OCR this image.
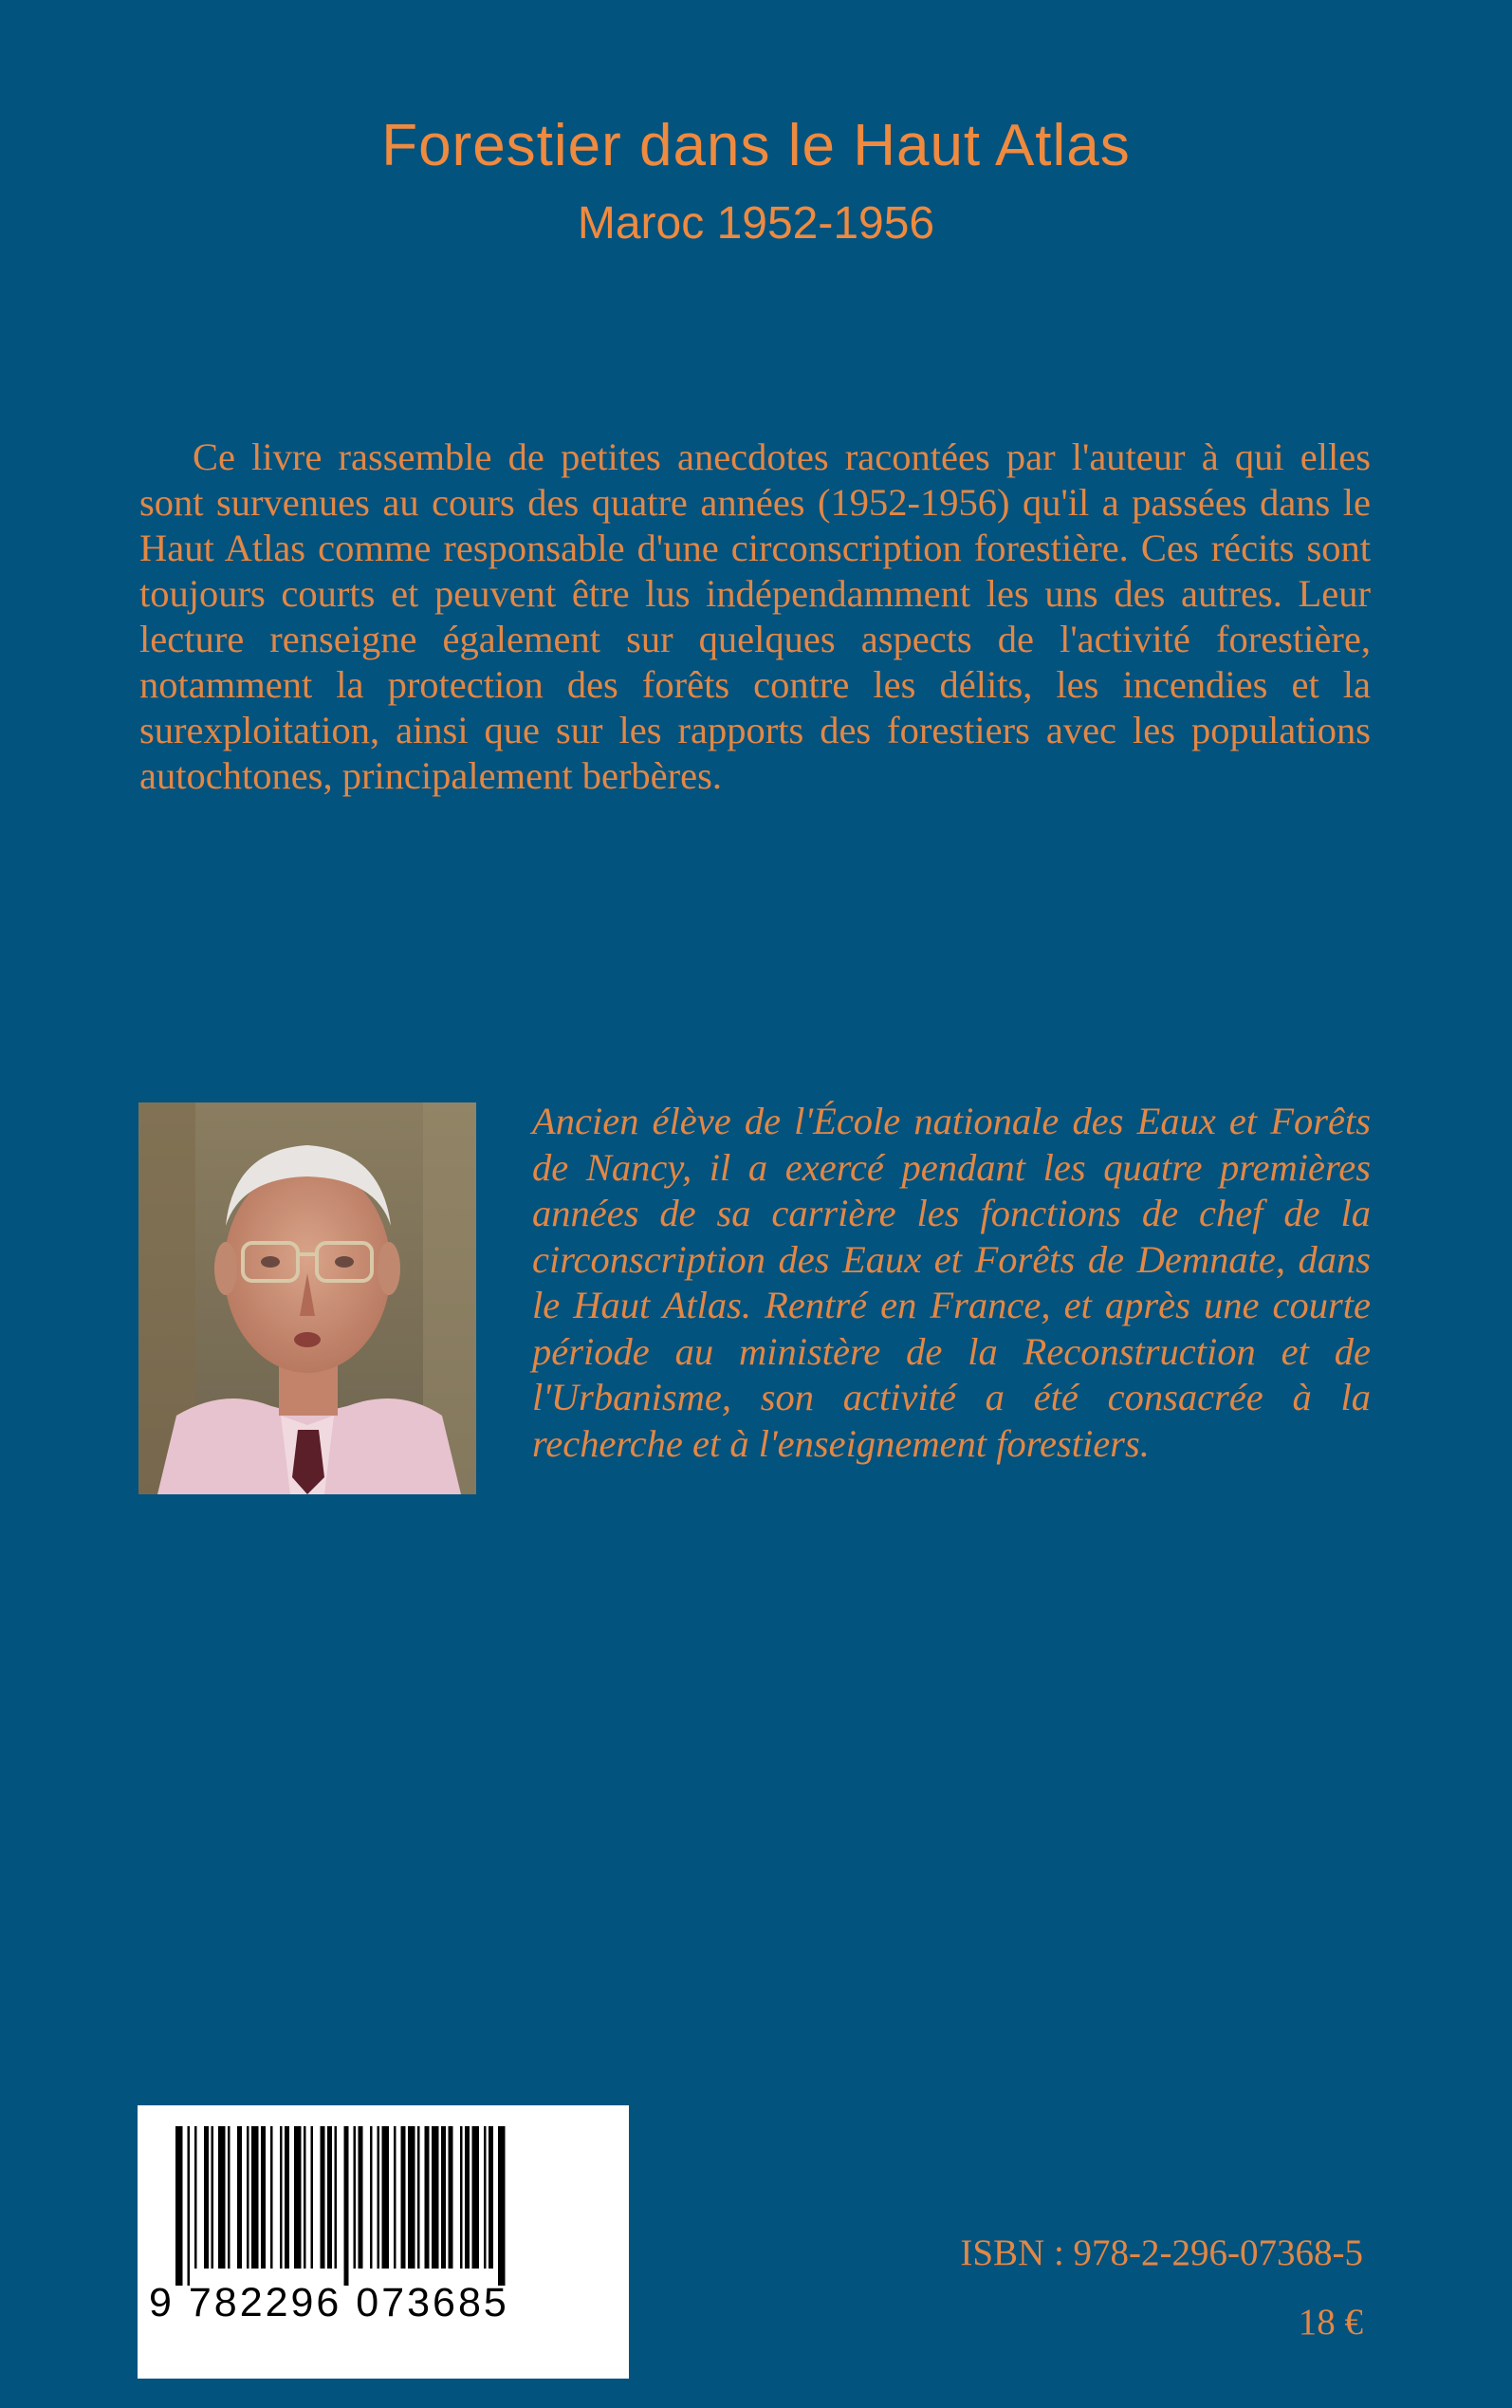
Forestier dans le Haut Atlas
Maroc 1952-1956

Ce livre rassemble de petites anecdotes racontées par l'auteur à qui elles sont survenues au cours des quatre années (1952-1956) qu'il a passées dans le Haut Atlas comme responsable d'une circonscription forestière. Ces récits sont toujours courts et peuvent être lus indépendamment les uns des autres. Leur lecture renseigne également sur quelques aspects de l'activité forestière, notamment la protection des forêts contre les délits, les incendies et la surexploitation, ainsi que sur les rapports des forestiers avec les populations autochtones, principalement berbères.

Ancien élève de l'École nationale des Eaux et Forêts de Nancy, il a exercé pendant les quatre premières années de sa carrière les fonctions de chef de la circonscription des Eaux et Forêts de Demnate, dans le Haut Atlas. Rentré en France, et après une courte période au ministère de la Reconstruction et de l'Urbanisme, son activité a été consacrée à la recherche et à l'enseignement forestiers.

9 782296 073685
ISBN : 978-2-296-07368-5
18 €
